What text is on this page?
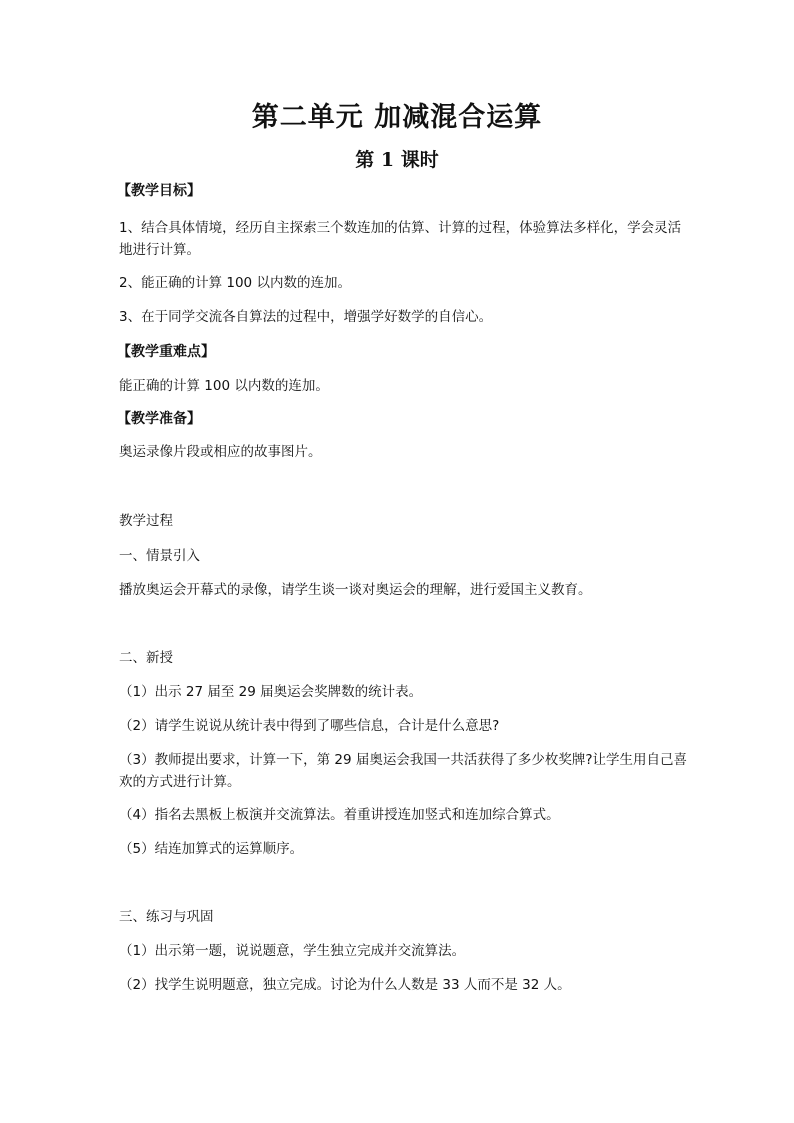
第二单元 加减混合运算
第 1 课时

【教学目标】

1、结合具体情境，经历自主探索三个数连加的估算、计算的过程，体验算法多样化，学会灵活地进行计算。

2、能正确的计算 100 以内数的连加。

3、在于同学交流各自算法的过程中，增强学好数学的自信心。

【教学重难点】

能正确的计算 100 以内数的连加。

【教学准备】

奥运录像片段或相应的故事图片。

教学过程

一、情景引入

播放奥运会开幕式的录像，请学生谈一谈对奥运会的理解，进行爱国主义教育。

二、新授

（1）出示 27 届至 29 届奥运会奖牌数的统计表。

（2）请学生说说从统计表中得到了哪些信息，合计是什么意思?

（3）教师提出要求，计算一下，第 29 届奥运会我国一共活获得了多少枚奖牌?让学生用自己喜欢的方式进行计算。

（4）指名去黑板上板演并交流算法。着重讲授连加竖式和连加综合算式。

（5）结连加算式的运算顺序。

三、练习与巩固

（1）出示第一题，说说题意，学生独立完成并交流算法。

（2）找学生说明题意，独立完成。讨论为什么人数是 33 人而不是 32 人。
